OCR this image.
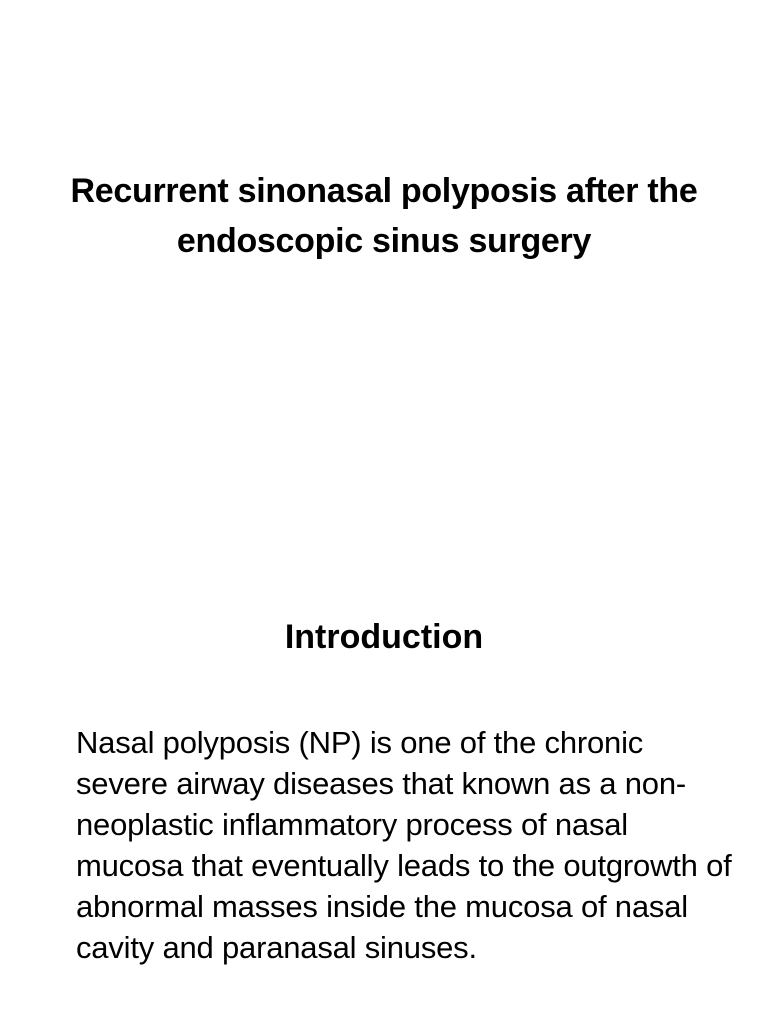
Recurrent sinonasal polyposis after the endoscopic sinus surgery
Introduction

Nasal polyposis (NP) is one of the chronic severe airway diseases that known as a non-neoplastic inflammatory process of nasal mucosa that eventually leads to the outgrowth of abnormal masses inside the mucosa of nasal cavity and paranasal sinuses.
